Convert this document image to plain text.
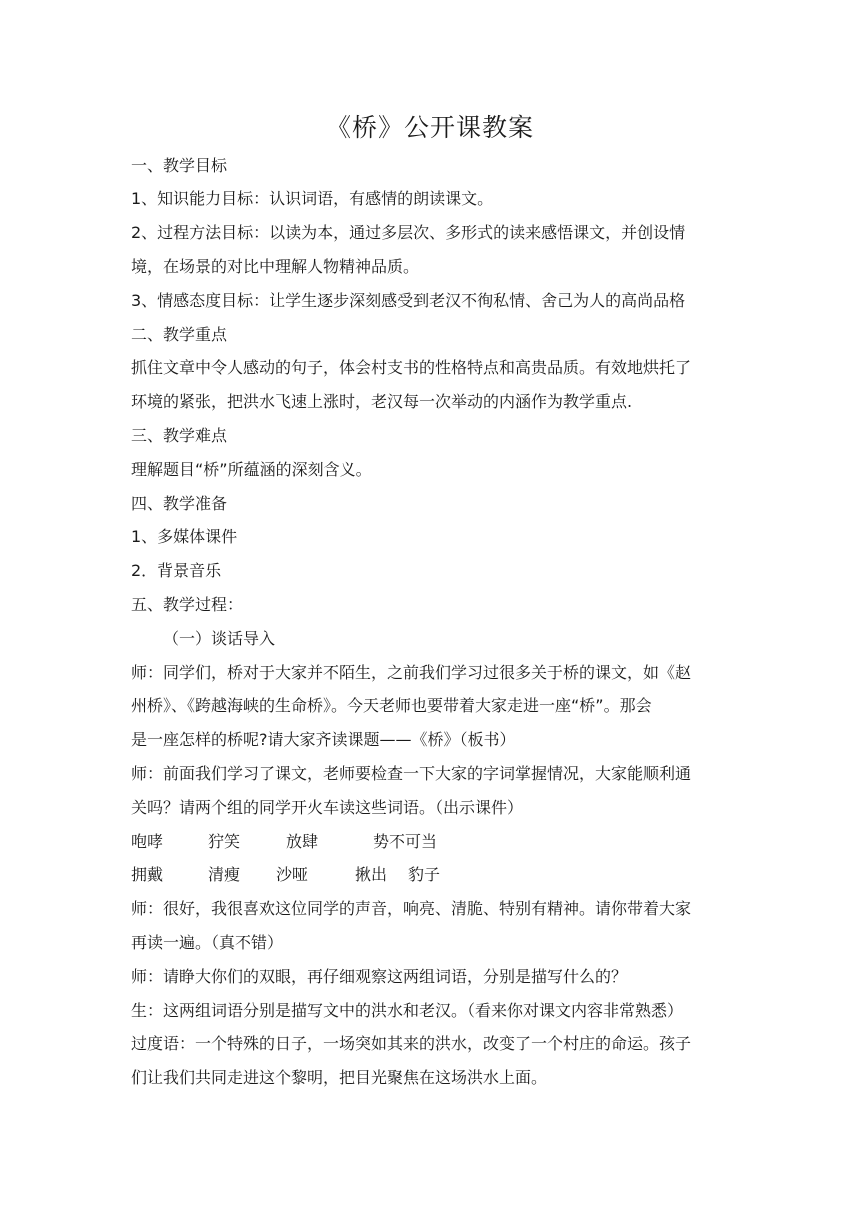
《桥》公开课教案
一、教学目标
1、知识能力目标：认识词语，有感情的朗读课文。
2、过程方法目标：以读为本，通过多层次、多形式的读来感悟课文，并创设情
境，在场景的对比中理解人物精神品质。
3、情感态度目标：让学生逐步深刻感受到老汉不徇私情、舍己为人的高尚品格
二、教学重点
抓住文章中令人感动的句子，体会村支书的性格特点和高贵品质。有效地烘托了
环境的紧张，把洪水飞速上涨时，老汉每一次举动的内涵作为教学重点.
三、教学难点
理解题目“桥”所蕴涵的深刻含义。
四、教学准备
1、多媒体课件
2．背景音乐
五、教学过程：
（一）谈话导入
师：同学们，桥对于大家并不陌生，之前我们学习过很多关于桥的课文，如《赵
州桥》、《跨越海峡的生命桥》。今天老师也要带着大家走进一座“桥”。那会
是一座怎样的桥呢?请大家齐读课题——《桥》（板书）
师：前面我们学习了课文，老师要检查一下大家的字词掌握情况，大家能顺利通
关吗？请两个组的同学开火车读这些词语。（出示课件）
咆哮	狞笑	放肆	势不可当
拥戴	清瘦 沙哑	揪出 豹子
师：很好，我很喜欢这位同学的声音，响亮、清脆、特别有精神。请你带着大家
再读一遍。（真不错）
师：请睁大你们的双眼，再仔细观察这两组词语，分别是描写什么的？
生：这两组词语分别是描写文中的洪水和老汉。（看来你对课文内容非常熟悉）
过度语：一个特殊的日子，一场突如其来的洪水，改变了一个村庄的命运。孩子
们让我们共同走进这个黎明，把目光聚焦在这场洪水上面。
